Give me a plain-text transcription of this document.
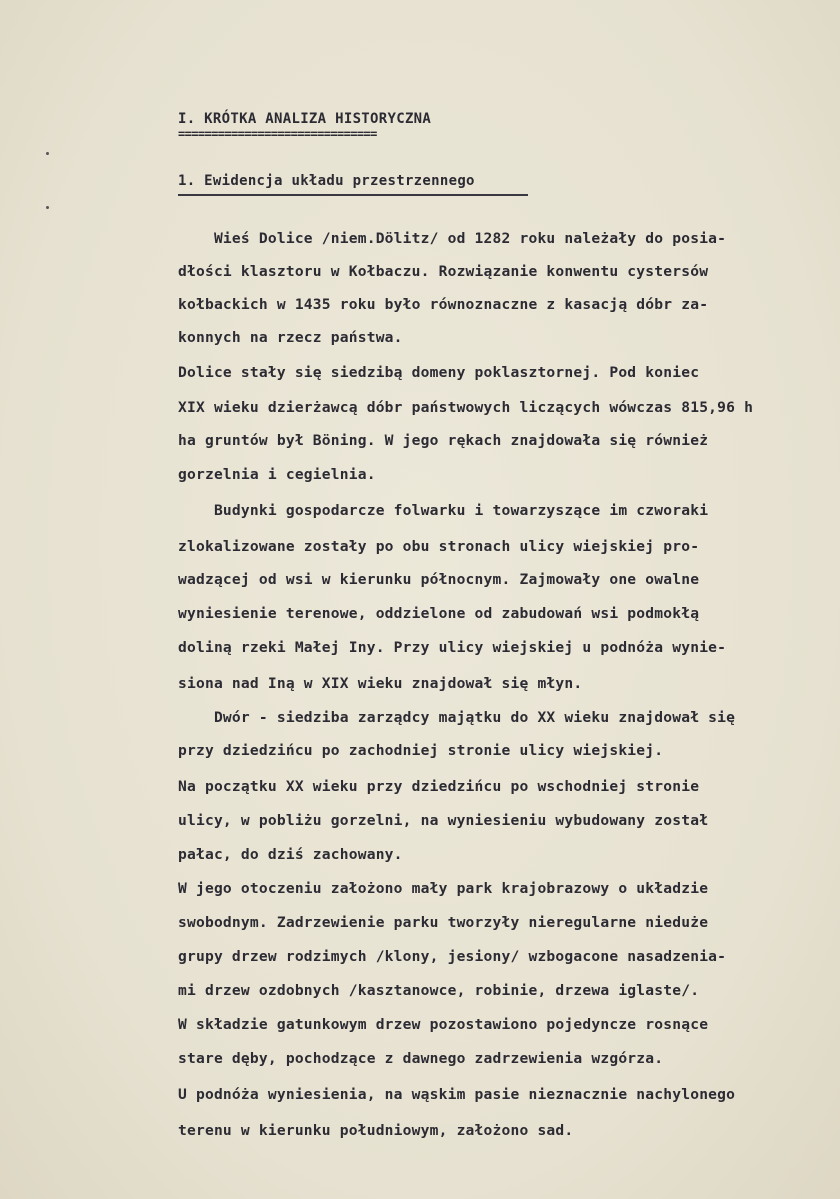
I. KRÓTKA ANALIZA HISTORYCZNA
==============================
1. Ewidencja układu przestrzennego
Wieś Dolice /niem.Dölitz/ od 1282 roku należały do posia-
dłości klasztoru w Kołbaczu. Rozwiązanie konwentu cystersów
kołbackich w 1435 roku było równoznaczne z kasacją dóbr za-
konnych na rzecz państwa.
Dolice stały się siedzibą domeny poklasztornej. Pod koniec
XIX wieku dzierżawcą dóbr państwowych liczących wówczas 815,96 h
ha gruntów był Böning. W jego rękach znajdowała się również
gorzelnia i cegielnia.
Budynki gospodarcze folwarku i towarzyszące im czworaki
zlokalizowane zostały po obu stronach ulicy wiejskiej pro-
wadzącej od wsi w kierunku północnym. Zajmowały one owalne
wyniesienie terenowe, oddzielone od zabudowań wsi podmokłą
doliną rzeki Małej Iny. Przy ulicy wiejskiej u podnóża wynie-
siona nad Iną w XIX wieku znajdował się młyn.
Dwór - siedziba zarządcy majątku do XX wieku znajdował się
przy dziedzińcu po zachodniej stronie ulicy wiejskiej.
Na początku XX wieku przy dziedzińcu po wschodniej stronie
ulicy, w pobliżu gorzelni, na wyniesieniu wybudowany został
pałac, do dziś zachowany.
W jego otoczeniu założono mały park krajobrazowy o układzie
swobodnym. Zadrzewienie parku tworzyły nieregularne nieduże
grupy drzew rodzimych /klony, jesiony/ wzbogacone nasadzenia-
mi drzew ozdobnych /kasztanowce, robinie, drzewa iglaste/.
W składzie gatunkowym drzew pozostawiono pojedyncze rosnące
stare dęby, pochodzące z dawnego zadrzewienia wzgórza.
U podnóża wyniesienia, na wąskim pasie nieznacznie nachylonego
terenu w kierunku południowym, założono sad.
